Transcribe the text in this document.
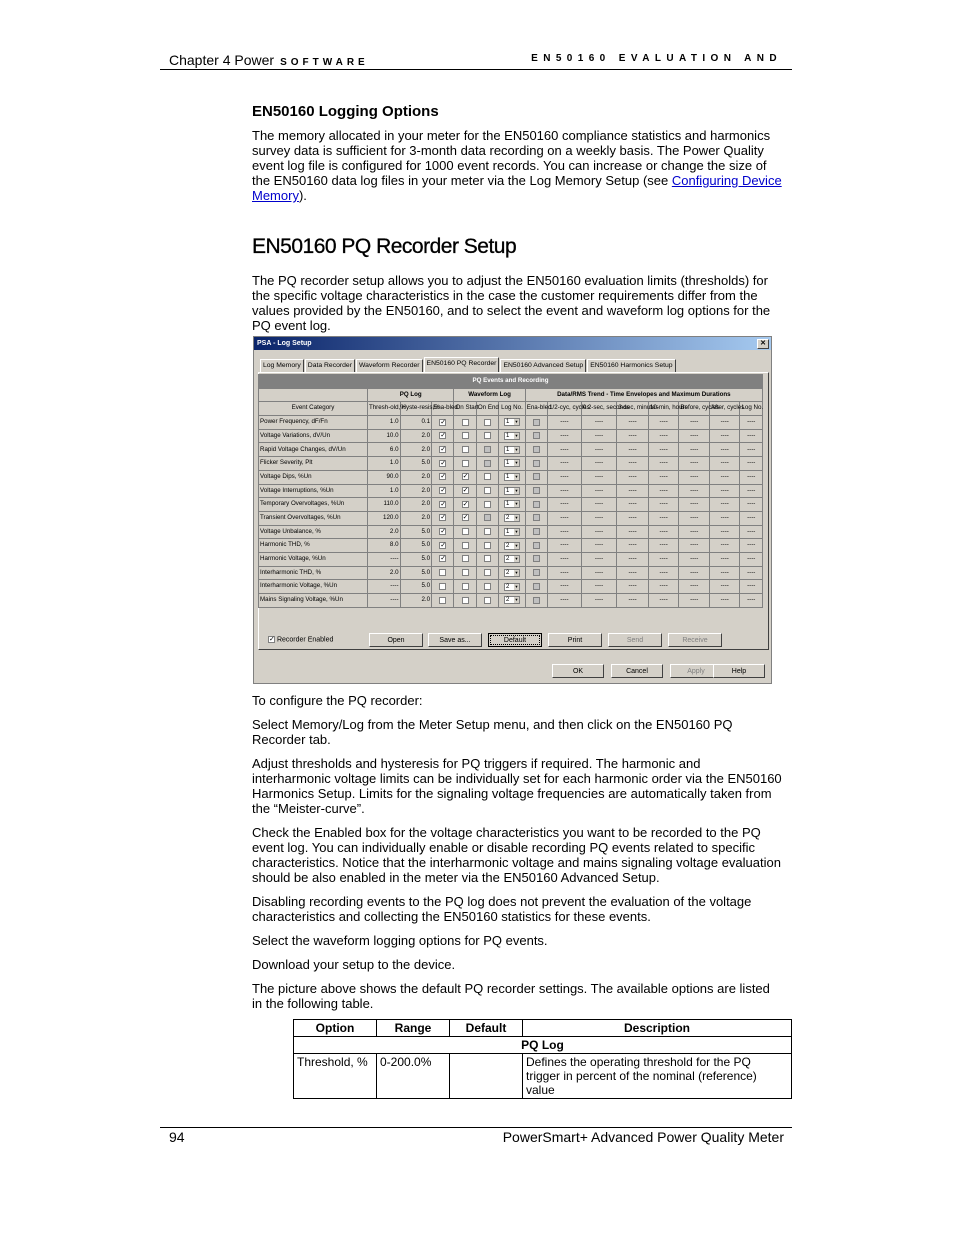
Chapter 4 Power SOFTWARE	EN50160 EVALUATION AND
EN50160 Logging Options
The memory allocated in your meter for the EN50160 compliance statistics and harmonics survey data is sufficient for 3-month data recording on a weekly basis. The Power Quality event log file is configured for 1000 event records. You can increase or change the size of the EN50160 data log files in your meter via the Log Memory Setup (see Configuring Device Memory).
EN50160 PQ Recorder Setup
The PQ recorder setup allows you to adjust the EN50160 evaluation limits (thresholds) for the specific voltage characteristics in the case the customer requirements differ from the values provided by the EN50160, and to select the event and waveform log options for the PQ event log.
PSA - Log Setup	✕
Log Memory	Data Recorder	Waveform Recorder	EN50160 PQ Recorder	EN50160 Advanced Setup	EN50160 Harmonics Setup
PQ Events and Recording														
	PQ Log			Waveform Log			Data/RMS Trend - Time Envelopes and Maximum Durations							
Event Category	Thresh-old,%	Hyste-resis,%	Ena-bled	On Start	On End	Log No.	Ena-bled	1/2-cyc, cycles	0.2-sec, seconds	3-sec, minutes	10-min, hours	Before, cycles	After, cycles	Log No.
Power Frequency, dF/Fn	1.0	0.1	✓			1 ▼		----	----	----	----	----	----	----
Voltage Variations, dV/Un	10.0	2.0	✓			1 ▼		----	----	----	----	----	----	----
Rapid Voltage Changes, dV/Un	6.0	2.0	✓			1 ▼		----	----	----	----	----	----	----
Flicker Severity, Plt	1.0	5.0	✓			1 ▼		----	----	----	----	----	----	----
Voltage Dips, %Un	90.0	2.0	✓	✓		1 ▼		----	----	----	----	----	----	----
Voltage Interruptions, %Un	1.0	2.0	✓	✓		1 ▼		----	----	----	----	----	----	----
Temporary Overvoltages, %Un	110.0	2.0	✓	✓		1 ▼		----	----	----	----	----	----	----
Transient Overvoltages, %Un	120.0	2.0	✓	✓		2 ▼		----	----	----	----	----	----	----
Voltage Unbalance, %	2.0	5.0	✓			1 ▼		----	----	----	----	----	----	----
Harmonic THD, %	8.0	5.0	✓			2 ▼		----	----	----	----	----	----	----
Harmonic Voltage, %Un	----	5.0	✓			2 ▼		----	----	----	----	----	----	----
Interharmonic THD, %	2.0	5.0				2 ▼		----	----	----	----	----	----	----
Interharmonic Voltage, %Un	----	5.0				2 ▼		----	----	----	----	----	----	----
Mains Signaling Voltage, %Un	----	2.0				2 ▼		----	----	----	----	----	----	----
✓ Recorder Enabled	Open	Save as...	Default	Print	Send	Receive
OK	Cancel	Apply	Help
To configure the PQ recorder:
Select Memory/Log from the Meter Setup menu, and then click on the EN50160 PQ Recorder tab.
Adjust thresholds and hysteresis for PQ triggers if required. The harmonic and interharmonic voltage limits can be individually set for each harmonic order via the EN50160 Harmonics Setup. Limits for the signaling voltage frequencies are automatically taken from the “Meister-curve”.
Check the Enabled box for the voltage characteristics you want to be recorded to the PQ event log. You can individually enable or disable recording PQ events related to specific characteristics. Notice that the interharmonic voltage and mains signaling voltage evaluation should be also enabled in the meter via the EN50160 Advanced Setup.
Disabling recording events to the PQ log does not prevent the evaluation of the voltage characteristics and collecting the EN50160 statistics for these events.
Select the waveform logging options for PQ events.
Download your setup to the device.
The picture above shows the default PQ recorder settings. The available options are listed in the following table.
Option	Range	Default	Description
PQ Log			
Threshold, %	0-200.0%		Defines the operating threshold for the PQ trigger in percent of the nominal (reference) value
94	PowerSmart+ Advanced Power Quality Meter
